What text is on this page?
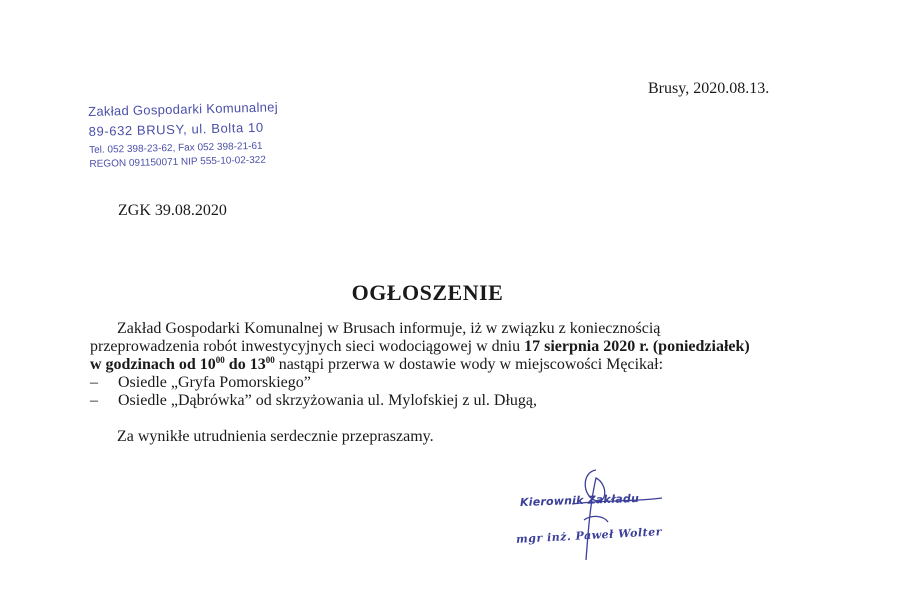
Brusy, 2020.08.13.
Zakład Gospodarki Komunalnej
89-632 BRUSY, ul. Bolta 10
Tel. 052 398-23-62, Fax 052 398-21-61
REGON 091150071 NIP 555-10-02-322
ZGK 39.08.2020
OGŁOSZENIE

Zakład Gospodarki Komunalnej w Brusach informuje, iż w związku z koniecznością

przeprowadzenia robót inwestycyjnych sieci wodociągowej w dniu 17 sierpnia 2020 r. (poniedziałek)

w godzinach od $10^{00}$ do $13^{00}$ nastąpi przerwa w dostawie wody w miejscowości Męcikał:

– Osiedle „Gryfa Pomorskiego”
– Osiedle „Dąbrówka” od skrzyżowania ul. Mylofskiej z ul. Długą,

Za wynikłe utrudnienia serdecznie przepraszamy.

Kierownik Zakładu
mgr inż. Paweł Wolter
